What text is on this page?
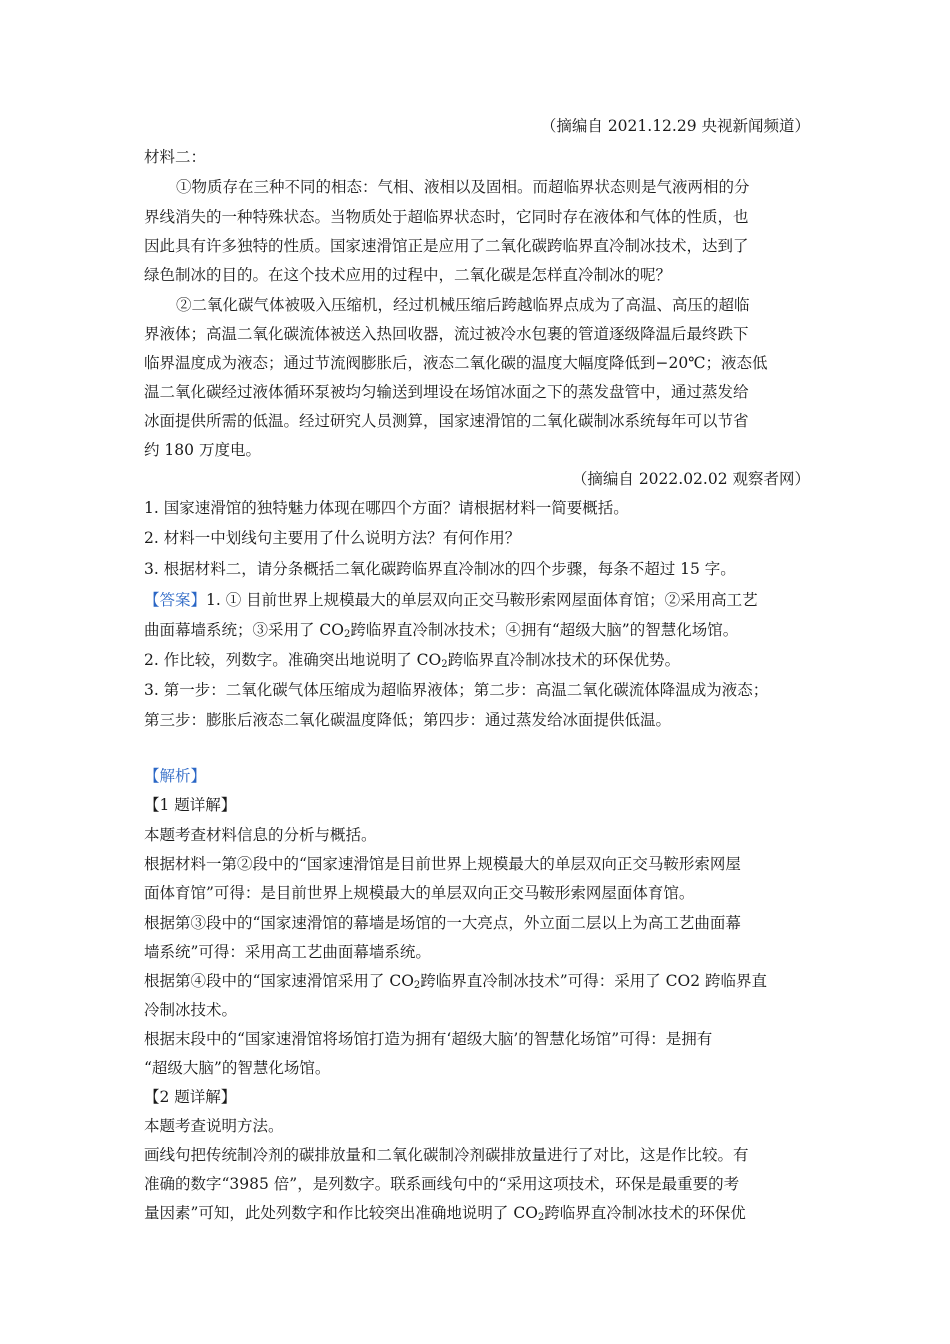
（摘编自 2021.12.29 央视新闻频道）
材料二：
①物质存在三种不同的相态：气相、液相以及固相。而超临界状态则是气液两相的分
界线消失的一种特殊状态。当物质处于超临界状态时，它同时存在液体和气体的性质，也
因此具有许多独特的性质。国家速滑馆正是应用了二氧化碳跨临界直冷制冰技术，达到了
绿色制冰的目的。在这个技术应用的过程中，二氧化碳是怎样直冷制冰的呢？
②二氧化碳气体被吸入压缩机，经过机械压缩后跨越临界点成为了高温、高压的超临
界液体；高温二氧化碳流体被送入热回收器，流过被冷水包裹的管道逐级降温后最终跌下
临界温度成为液态；通过节流阀膨胀后，液态二氧化碳的温度大幅度降低到−20℃；液态低
温二氧化碳经过液体循环泵被均匀输送到埋设在场馆冰面之下的蒸发盘管中，通过蒸发给
冰面提供所需的低温。经过研究人员测算，国家速滑馆的二氧化碳制冰系统每年可以节省
约 180 万度电。
（摘编自 2022.02.02 观察者网）
1. 国家速滑馆的独特魅力体现在哪四个方面？请根据材料一简要概括。
2. 材料一中划线句主要用了什么说明方法？有何作用？
3. 根据材料二，请分条概括二氧化碳跨临界直冷制冰的四个步骤，每条不超过 15 字。
【答案】1. ① 目前世界上规模最大的单层双向正交马鞍形索网屋面体育馆；②采用高工艺
曲面幕墙系统；③采用了 $CO_2$跨临界直冷制冰技术；④拥有“超级大脑”的智慧化场馆。
2. 作比较，列数字。准确突出地说明了 $CO_2$跨临界直冷制冰技术的环保优势。
3. 第一步：二氧化碳气体压缩成为超临界液体；第二步：高温二氧化碳流体降温成为液态；
第三步：膨胀后液态二氧化碳温度降低；第四步：通过蒸发给冰面提供低温。
【解析】
【1 题详解】
本题考查材料信息的分析与概括。
根据材料一第②段中的“国家速滑馆是目前世界上规模最大的单层双向正交马鞍形索网屋
面体育馆”可得：是目前世界上规模最大的单层双向正交马鞍形索网屋面体育馆。
根据第③段中的“国家速滑馆的幕墙是场馆的一大亮点，外立面二层以上为高工艺曲面幕
墙系统”可得：采用高工艺曲面幕墙系统。
根据第④段中的“国家速滑馆采用了 $CO_2$跨临界直冷制冰技术”可得：采用了 CO2 跨临界直
冷制冰技术。
根据末段中的“国家速滑馆将场馆打造为拥有‘超级大脑’的智慧化场馆”可得：是拥有
“超级大脑”的智慧化场馆。
【2 题详解】
本题考查说明方法。
画线句把传统制冷剂的碳排放量和二氧化碳制冷剂碳排放量进行了对比，这是作比较。有
准确的数字“3985 倍”，是列数字。联系画线句中的“采用这项技术，环保是最重要的考
量因素”可知，此处列数字和作比较突出准确地说明了 $CO_2$跨临界直冷制冰技术的环保优
